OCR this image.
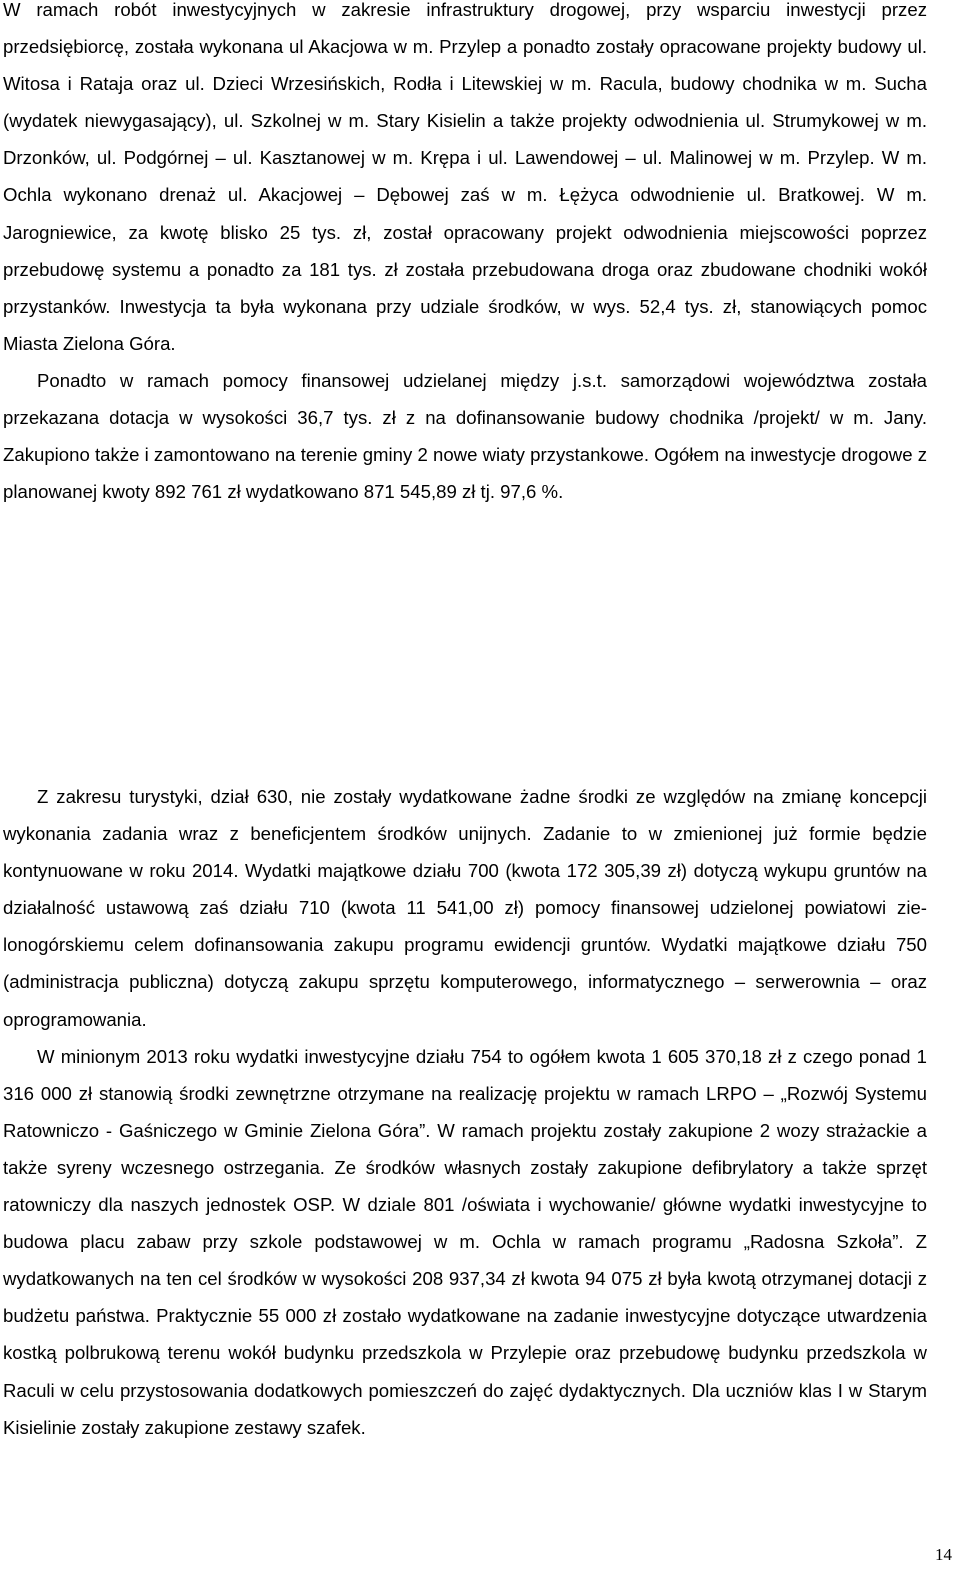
W ramach robót inwestycyjnych w zakresie infrastruktury drogowej, przy wsparciu inwestycji przez przedsiębiorcę, została wykonana ul Akacjowa w m. Przylep a ponadto zostały opracowane projekty budowy ul. Witosa i Rataja oraz ul. Dzieci Wrzesińskich, Rodła i Litewskiej w m. Racula, budowy chodnika w m. Sucha (wydatek niewygasający), ul. Szkolnej w m. Stary Kisielin a także projekty odwodnienia ul. Strumykowej w m. Drzonków, ul. Podgórnej – ul. Kasztanowej w m. Krępa i ul. Lawendowej – ul. Malinowej w m. Przylep. W m. Ochla wykonano drenaż ul. Akacjowej – Dębowej zaś w m. Łężyca odwodnienie ul. Bratkowej. W m. Jarogniewice, za kwotę blisko 25 tys. zł, został opracowany projekt odwodnienia miejscowości poprzez przebudowę systemu a ponadto za 181 tys. zł została przebudowana droga oraz zbudowane chodniki wokół przystanków. Inwestycja ta była wykonana przy udziale środków, w wys. 52,4 tys. zł, stanowiących pomoc Miasta Zielona Góra.

Ponadto w ramach pomocy finansowej udzielanej między j.s.t. samorządowi województwa została przekazana dotacja w wysokości 36,7 tys. zł z na dofinansowanie budowy chodnika /projekt/ w m. Jany. Zakupiono także i zamontowano na terenie gminy 2 nowe wiaty przystankowe. Ogółem na inwestycje drogowe z planowanej kwoty 892 761 zł wydatkowano 871 545,89 zł tj. 97,6 %.

Z zakresu turystyki, dział 630, nie zostały wydatkowane żadne środki ze względów na zmianę koncepcji wykonania zadania wraz z beneficjentem środków unijnych. Zadanie to w zmienionej już formie będzie kontynuowane w roku 2014. Wydatki majątkowe działu 700 (kwota 172 305,39 zł) dotyczą wykupu gruntów na działalność ustawową zaś działu 710 (kwota 11 541,00 zł) pomocy finansowej udzielonej powiatowi zielonogórskiemu celem dofinansowania zakupu programu ewidencji gruntów. Wydatki majątkowe działu 750 (administracja publiczna) dotyczą zakupu sprzętu komputerowego, informatycznego – serwerownia – oraz oprogramowania.

W minionym 2013 roku wydatki inwestycyjne działu 754 to ogółem kwota 1 605 370,18 zł z czego ponad 1 316 000 zł stanowią środki zewnętrzne otrzymane na realizację projektu w ramach LRPO – „Rozwój Systemu Ratowniczo - Gaśniczego w Gminie Zielona Góra”. W ramach projektu zostały zakupione 2 wozy strażackie a także syreny wczesnego ostrzegania. Ze środków własnych zostały zakupione defibrylatory a także sprzęt ratowniczy dla naszych jednostek OSP. W dziale 801 /oświata i wychowanie/ główne wydatki inwestycyjne to budowa placu zabaw przy szkole podstawowej w m. Ochla w ramach programu „Radosna Szkoła”. Z wydatkowanych na ten cel środków w wysokości 208 937,34 zł kwota 94 075 zł była kwotą otrzymanej dotacji z budżetu państwa. Praktycznie 55 000 zł zostało wydatkowane na zadanie inwestycyjne dotyczące utwardzenia kostką polbrukową terenu wokół budynku przedszkola w Przylepie oraz przebudowę budynku przedszkola w Raculi w celu przystosowania dodatkowych pomieszczeń do zajęć dydaktycznych. Dla uczniów klas I w Starym Kisielinie zostały zakupione zestawy szafek.

14
